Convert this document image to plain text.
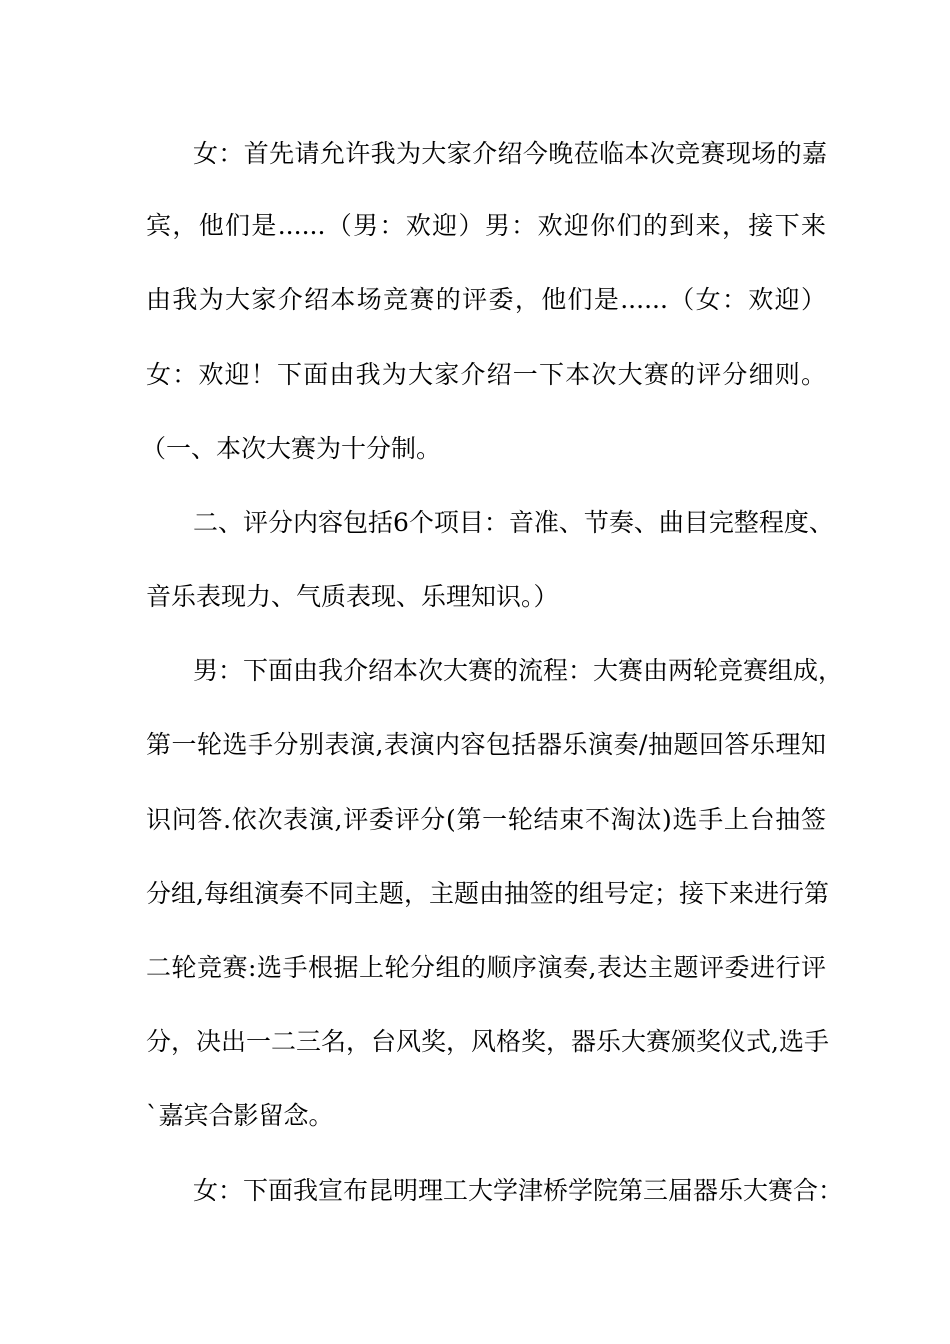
女：首先请允许我为大家介绍今晚莅临本次竞赛现场的嘉

宾，他们是......（男：欢迎）男：欢迎你们的到来，接下来

由我为大家介绍本场竞赛的评委，他们是......（女：欢迎）

女：欢迎！下面由我为大家介绍一下本次大赛的评分细则。

（一、本次大赛为十分制。

二、评分内容包括6个项目：音准、节奏、曲目完整程度、

音乐表现力、气质表现、乐理知识。）

男：下面由我介绍本次大赛的流程：大赛由两轮竞赛组成，

第一轮选手分别表演,表演内容包括器乐演奏/抽题回答乐理知

识问答.依次表演,评委评分(第一轮结束不淘汰)选手上台抽签

分组,每组演奏不同主题，主题由抽签的组号定；接下来进行第

二轮竞赛:选手根据上轮分组的顺序演奏,表达主题评委进行评

分，决出一二三名，台风奖，风格奖，器乐大赛颁奖仪式,选手

`嘉宾合影留念。

女：下面我宣布昆明理工大学津桥学院第三届器乐大赛合：
